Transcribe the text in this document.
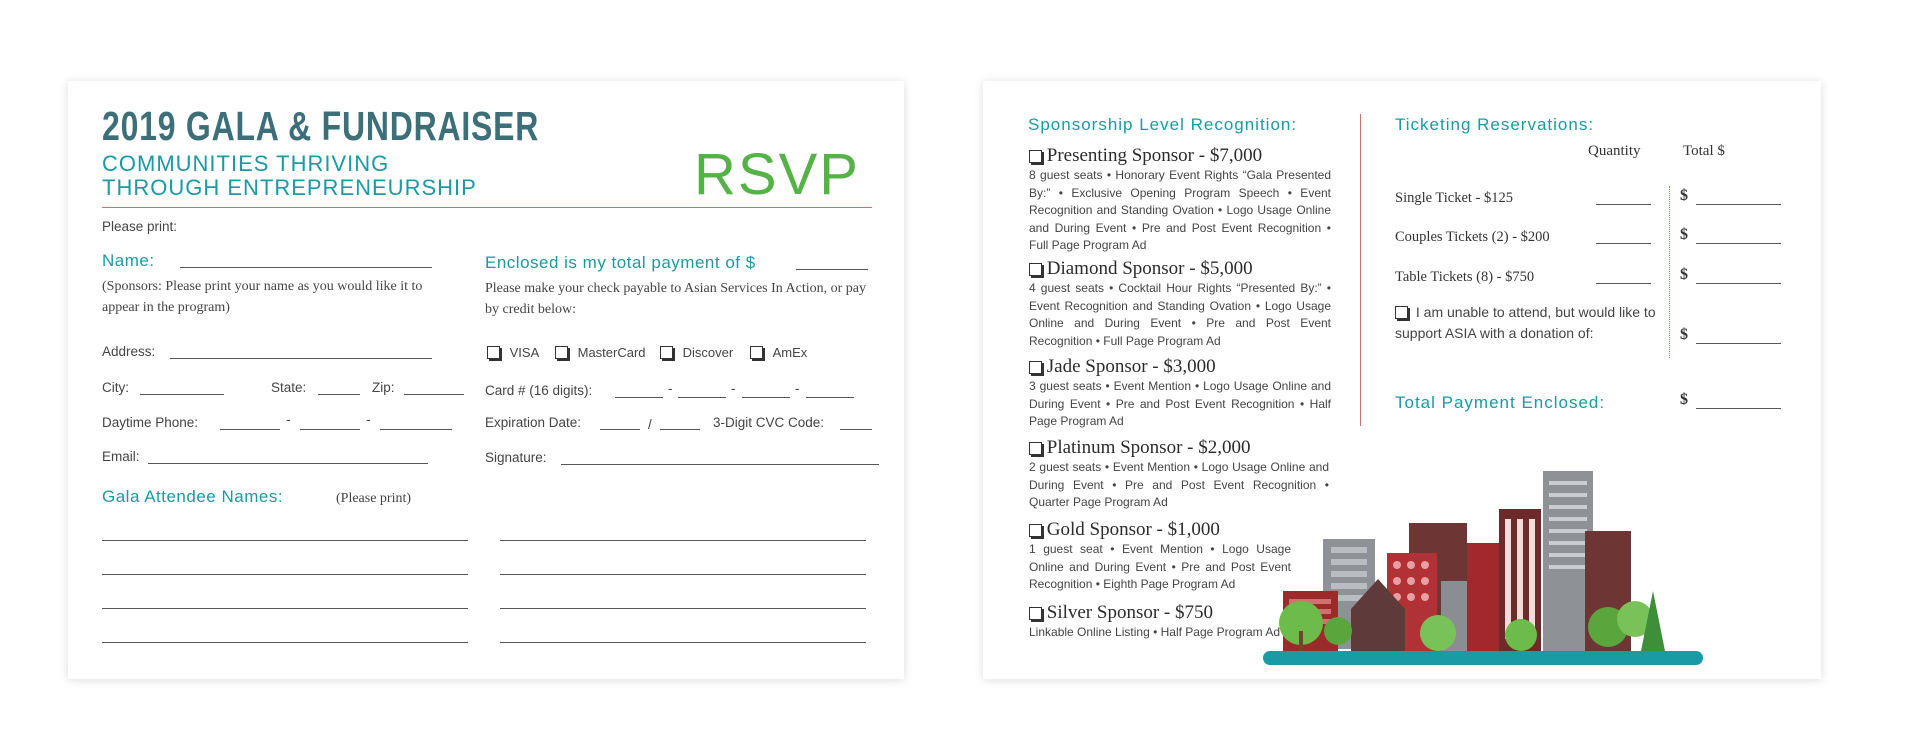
2019 GALA & FUNDRAISER
COMMUNITIES THRIVING
THROUGH ENTREPRENEURSHIP	RSVP
Please print:
Name:
(Sponsors: Please print your name as you would like it to appear in the program)
Address:
City:	State:	Zip:
Daytime Phone:	-	-
Email:
Gala Attendee Names:	(Please print)
Enclosed is my total payment of $
Please make your check payable to Asian Services In Action, or pay by credit below:
VISA	MasterCard	Discover	AmEx
Card # (16 digits):	-	-	-
Expiration Date:	/	3-Digit CVC Code:
Signature:
Sponsorship Level Recognition:
Presenting Sponsor - $7,000
8 guest seats • Honorary Event Rights “Gala Presented By:” • Exclusive Opening Program Speech • Event Recognition and Standing Ovation • Logo Usage Online and During Event • Pre and Post Event Recognition • Full Page Program Ad
Diamond Sponsor - $5,000
4 guest seats • Cocktail Hour Rights “Presented By:” • Event Recognition and Standing Ovation • Logo Usage Online and During Event • Pre and Post Event Recognition • Full Page Program Ad
Jade Sponsor - $3,000
3 guest seats • Event Mention • Logo Usage Online and During Event • Pre and Post Event Recognition • Half Page Program Ad
Platinum Sponsor - $2,000
2 guest seats • Event Mention • Logo Usage Online and During Event • Pre and Post Event Recognition • Quarter Page Program Ad
Gold Sponsor - $1,000
1 guest seat • Event Mention • Logo Usage Online and During Event • Pre and Post Event Recognition • Eighth Page Program Ad
Silver Sponsor - $750
Linkable Online Listing • Half Page Program Ad
Ticketing Reservations:
Quantity	Total $
Single Ticket - $125	$
Couples Tickets (2) - $200	$
Table Tickets (8) - $750	$
I am unable to attend, but would like to support ASIA with a donation of:	$
Total Payment Enclosed:	$
